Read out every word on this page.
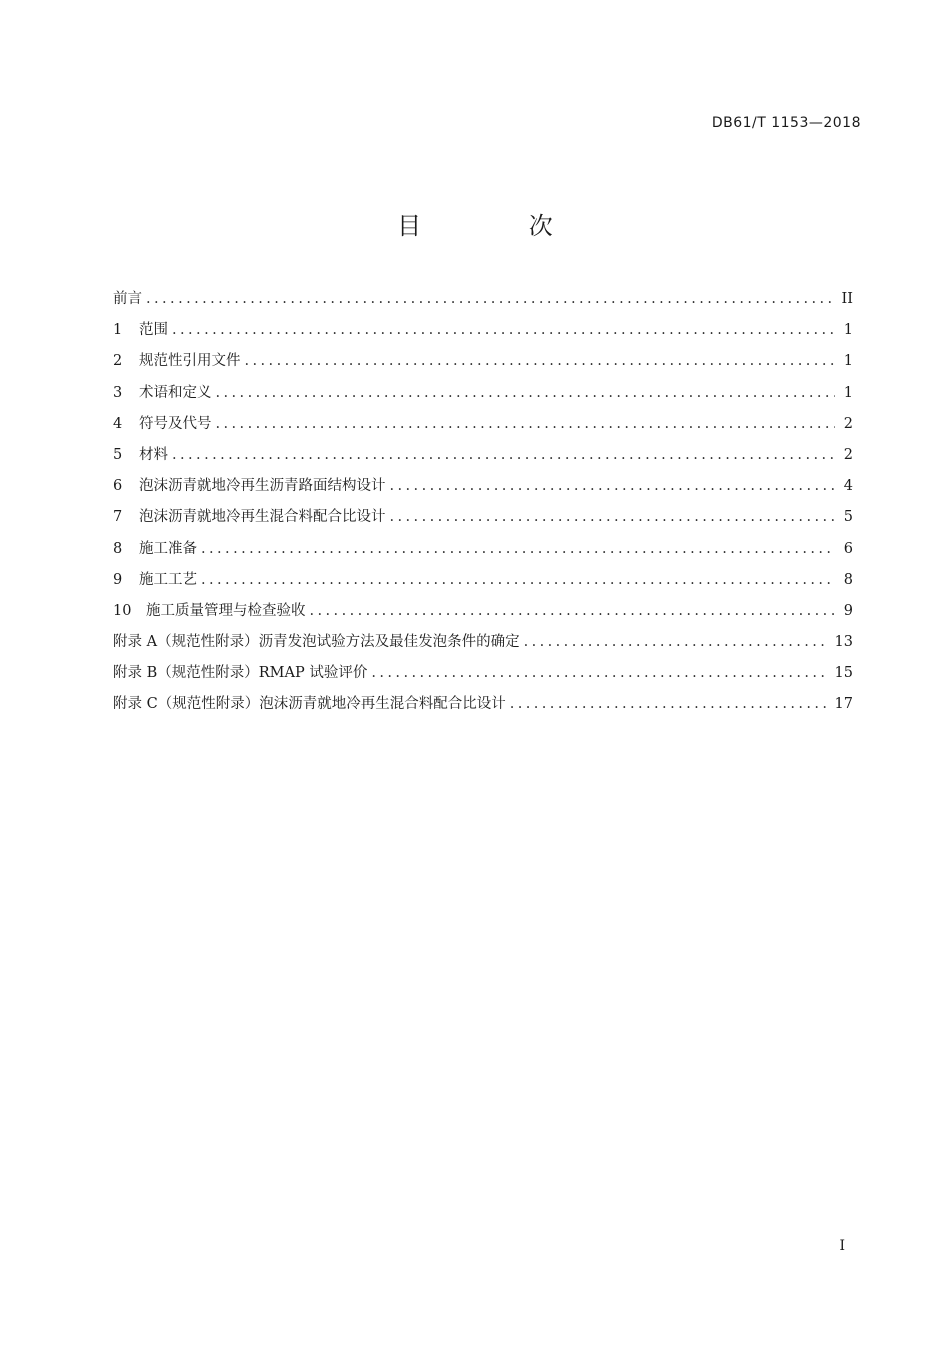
DB61/T 1153—2018
目 次
前言 . . .	II
1	范围 . . .	1
2	规范性引用文件 . . .	1
3	术语和定义 . . .	1
4	符号及代号 . . .	2
5	材料 . . .	2
6	泡沫沥青就地冷再生沥青路面结构设计 . . .	4
7	泡沫沥青就地冷再生混合料配合比设计 . . .	5
8	施工准备 . . .	6
9	施工工艺 . . .	8
10	施工质量管理与检查验收 . . .	9
附录 A（规范性附录） 沥青发泡试验方法及最佳发泡条件的确定 . . .	13
附录 B（规范性附录） RMAP 试验评价 . . .	15
附录 C（规范性附录） 泡沫沥青就地冷再生混合料配合比设计 . . .	17
I
